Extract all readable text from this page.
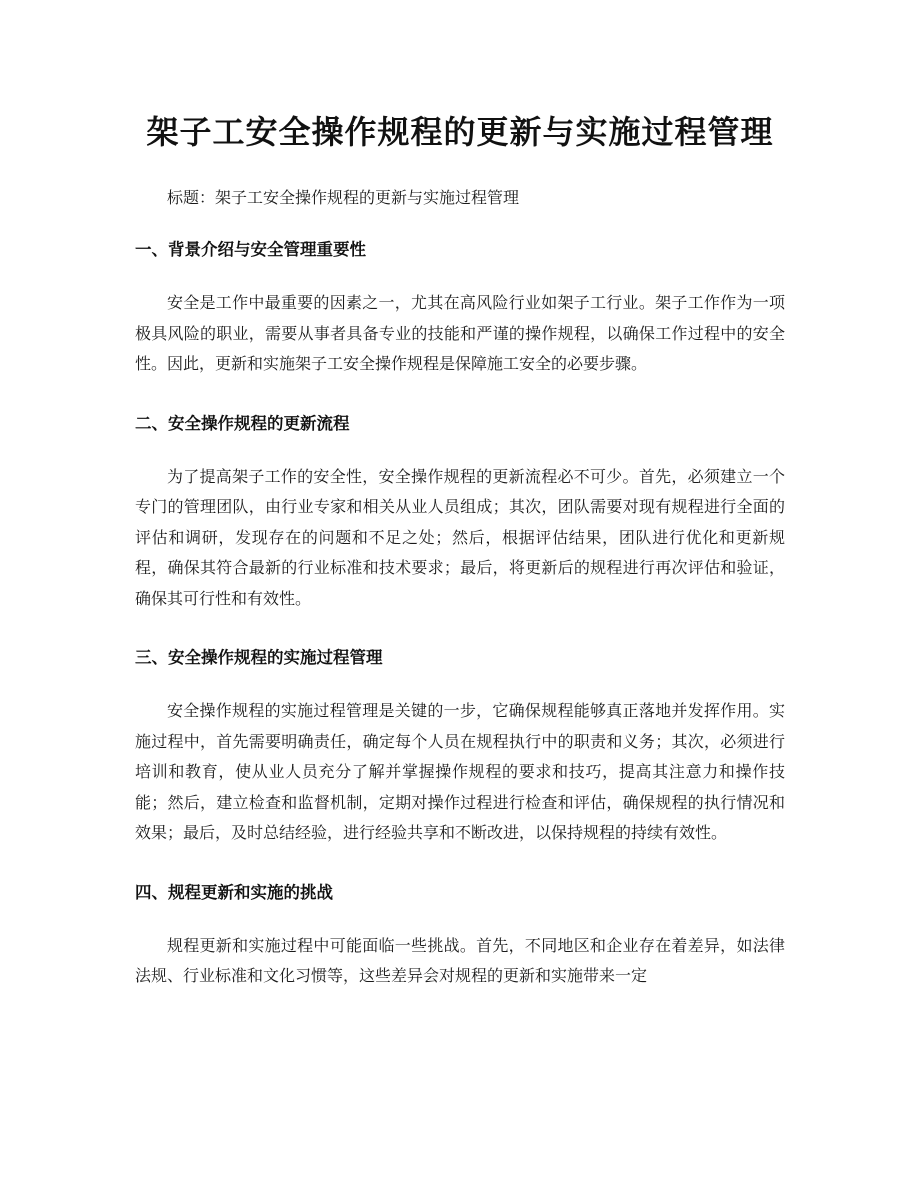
架子工安全操作规程的更新与实施过程管理

标题：架子工安全操作规程的更新与实施过程管理

一、背景介绍与安全管理重要性

安全是工作中最重要的因素之一，尤其在高风险行业如架子工行业。架子工作作为一项极具风险的职业，需要从事者具备专业的技能和严谨的操作规程，以确保工作过程中的安全性。因此，更新和实施架子工安全操作规程是保障施工安全的必要步骤。

二、安全操作规程的更新流程

为了提高架子工作的安全性，安全操作规程的更新流程必不可少。首先，必须建立一个专门的管理团队，由行业专家和相关从业人员组成；其次，团队需要对现有规程进行全面的评估和调研，发现存在的问题和不足之处；然后，根据评估结果，团队进行优化和更新规程，确保其符合最新的行业标准和技术要求；最后，将更新后的规程进行再次评估和验证，确保其可行性和有效性。

三、安全操作规程的实施过程管理

安全操作规程的实施过程管理是关键的一步，它确保规程能够真正落地并发挥作用。实施过程中，首先需要明确责任，确定每个人员在规程执行中的职责和义务；其次，必须进行培训和教育，使从业人员充分了解并掌握操作规程的要求和技巧，提高其注意力和操作技能；然后，建立检查和监督机制，定期对操作过程进行检查和评估，确保规程的执行情况和效果；最后，及时总结经验，进行经验共享和不断改进，以保持规程的持续有效性。

四、规程更新和实施的挑战

规程更新和实施过程中可能面临一些挑战。首先，不同地区和企业存在着差异，如法律法规、行业标准和文化习惯等，这些差异会对规程的更新和实施带来一定
